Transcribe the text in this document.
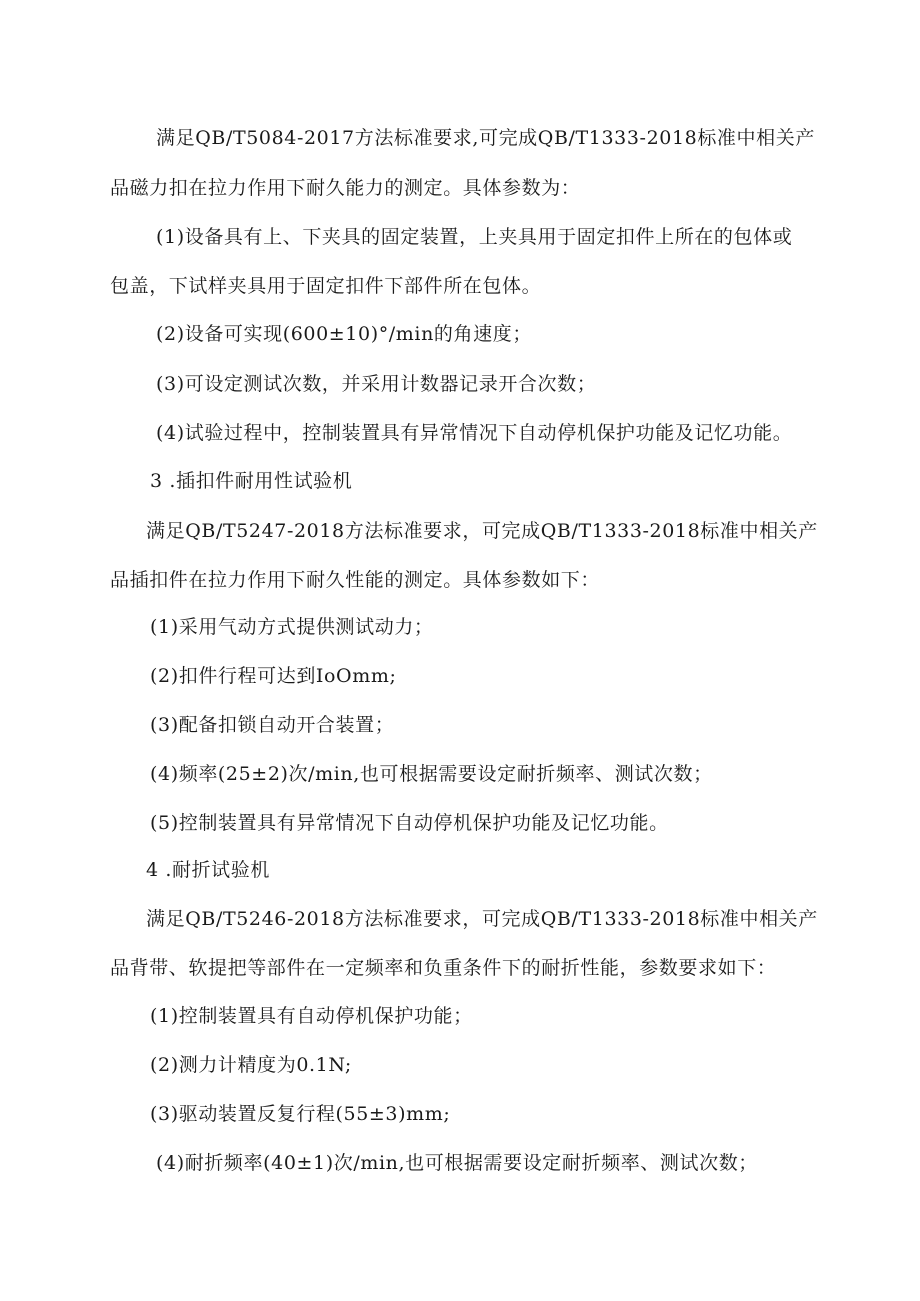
满足QB/T5084-2017方法标准要求,可完成QB/T1333-2018标准中相关产
品磁力扣在拉力作用下耐久能力的测定。具体参数为：
(1)设备具有上、下夹具的固定装置，上夹具用于固定扣件上所在的包体或
包盖，下试样夹具用于固定扣件下部件所在包体。
(2)设备可实现(600±10)°/min的角速度；
(3)可设定测试次数，并采用计数器记录开合次数；
(4)试验过程中，控制装置具有异常情况下自动停机保护功能及记忆功能。
3 .插扣件耐用性试验机
满足QB/T5247-2018方法标准要求，可完成QB/T1333-2018标准中相关产
品插扣件在拉力作用下耐久性能的测定。具体参数如下：
(1)采用气动方式提供测试动力；
(2)扣件行程可达到IoOmm;
(3)配备扣锁自动开合装置；
(4)频率(25±2)次/min,也可根据需要设定耐折频率、测试次数；
(5)控制装置具有异常情况下自动停机保护功能及记忆功能。
4 .耐折试验机
满足QB/T5246-2018方法标准要求，可完成QB/T1333-2018标准中相关产
品背带、软提把等部件在一定频率和负重条件下的耐折性能，参数要求如下：
(1)控制装置具有自动停机保护功能；
(2)测力计精度为0.1N;
(3)驱动装置反复行程(55±3)mm;
(4)耐折频率(40±1)次/min,也可根据需要设定耐折频率、测试次数；
